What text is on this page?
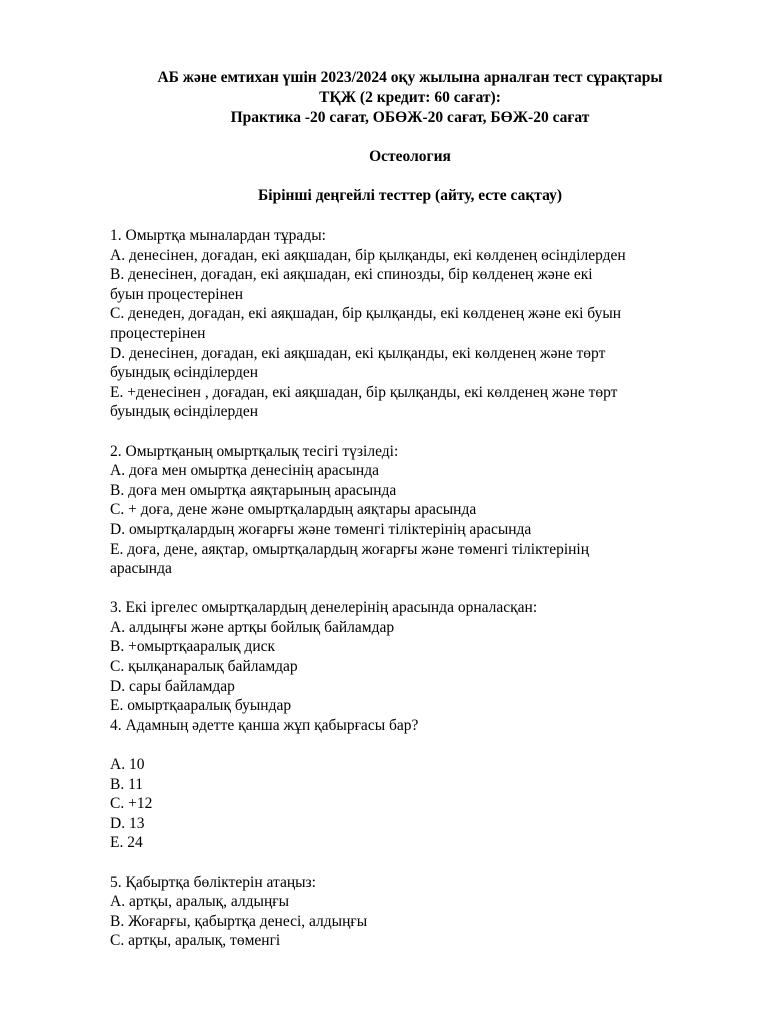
АБ және емтихан үшін 2023/2024 оқу жылына арналған тест сұрақтары
ТҚЖ (2 кредит: 60 сағат):
Практика -20 сағат, ОБӨЖ-20 сағат, БӨЖ-20 сағат
Остеология
Бірінші деңгейлі тесттер (айту, есте сақтау)
1. Омыртқа мыналардан тұрады:
A. денесінен, доғадан, екі аяқшадан, бір қылқанды, екі көлденең өсінділерден
B. денесінен, доғадан, екі аяқшадан, екі спинозды, бір көлденең және екі
буын процестерінен
C. денеден, доғадан, екі аяқшадан, бір қылқанды, екі көлденең және екі буын
процестерінен
D. денесінен, доғадан, екі аяқшадан, екі қылқанды, екі көлденең және төрт
буындық өсінділерден
E. +денесінен , доғадан, екі аяқшадан, бір қылқанды, екі көлденең және төрт
буындық өсінділерден
2. Омыртқаның омыртқалық тесігі түзіледі:
A. доға мен омыртқа денесінің арасында
B. доға мен омыртқа аяқтарының арасында
C. + доға, дене және омыртқалардың аяқтары арасында
D. омыртқалардың жоғарғы және төменгі тіліктерінің арасында
E. доға, дене, аяқтар, омыртқалардың жоғарғы және төменгі тіліктерінің
арасында
3. Екі іргелес омыртқалардың денелерінің арасында орналасқан:
A. алдыңғы және артқы бойлық байламдар
B. +омыртқааралық диск
C. қылқанаралық байламдар
D. сары байламдар
E. омыртқааралық буындар
4. Адамның әдетте қанша жұп қабырғасы бар?
A. 10
B. 11
C. +12
D. 13
E. 24
5. Қабыртқа бөліктерін атаңыз:
A. артқы, аралық, алдыңғы
B. Жоғарғы, қабыртқа денесі, алдыңғы
C. артқы, аралық, төменгі
